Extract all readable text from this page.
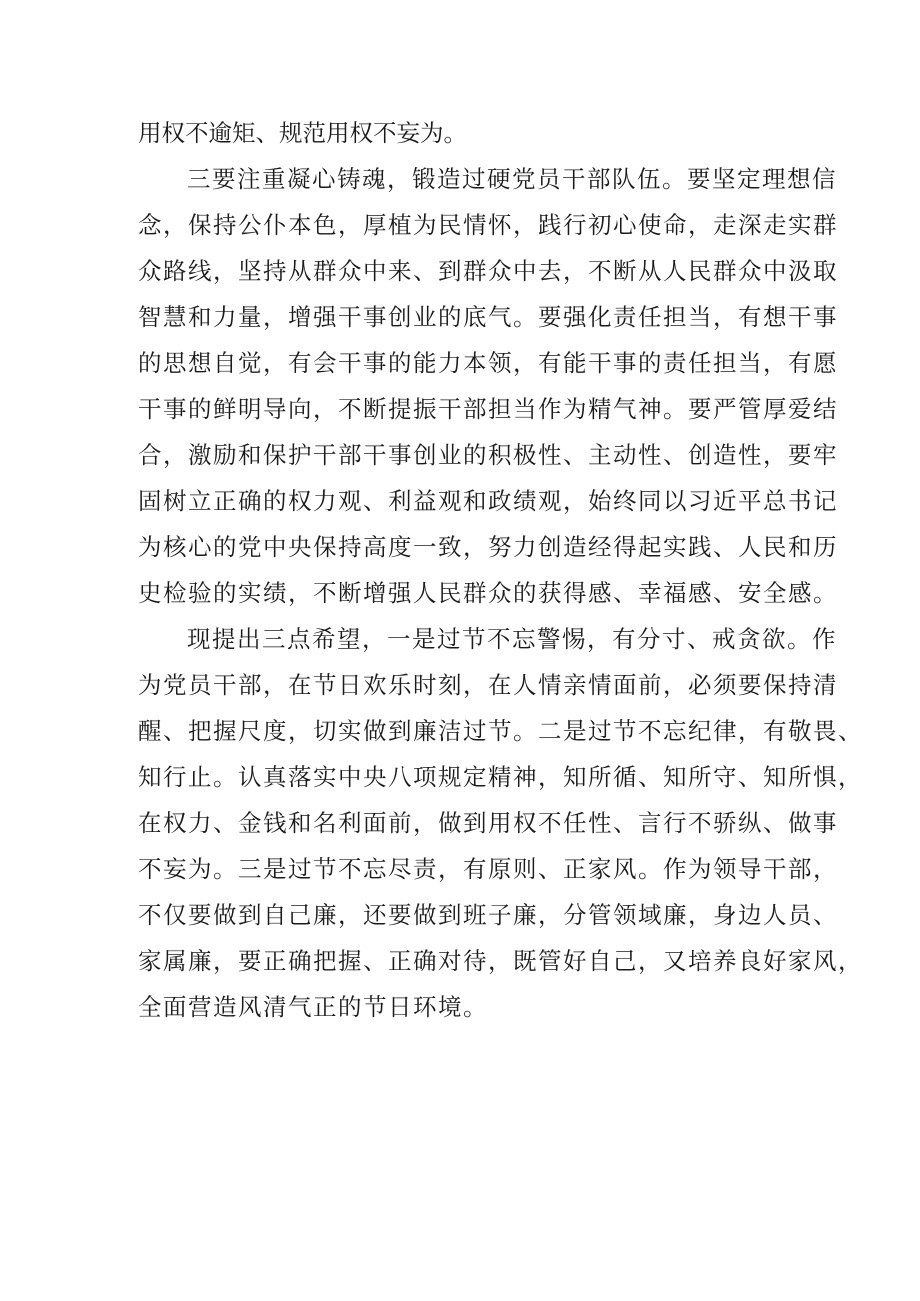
用权不逾矩、规范用权不妄为。
三要注重凝心铸魂，锻造过硬党员干部队伍。要坚定理想信
念，保持公仆本色，厚植为民情怀，践行初心使命，走深走实群
众路线，坚持从群众中来、到群众中去，不断从人民群众中汲取
智慧和力量，增强干事创业的底气。要强化责任担当，有想干事
的思想自觉，有会干事的能力本领，有能干事的责任担当，有愿
干事的鲜明导向，不断提振干部担当作为精气神。要严管厚爱结
合，激励和保护干部干事创业的积极性、主动性、创造性，要牢
固树立正确的权力观、利益观和政绩观，始终同以习近平总书记
为核心的党中央保持高度一致，努力创造经得起实践、人民和历
史检验的实绩，不断增强人民群众的获得感、幸福感、安全感。
现提出三点希望，一是过节不忘警惕，有分寸、戒贪欲。作
为党员干部，在节日欢乐时刻，在人情亲情面前，必须要保持清
醒、把握尺度，切实做到廉洁过节。二是过节不忘纪律，有敬畏、
知行止。认真落实中央八项规定精神，知所循、知所守、知所惧，
在权力、金钱和名利面前，做到用权不任性、言行不骄纵、做事
不妄为。三是过节不忘尽责，有原则、正家风。作为领导干部，
不仅要做到自己廉，还要做到班子廉，分管领域廉，身边人员、
家属廉，要正确把握、正确对待，既管好自己，又培养良好家风，
全面营造风清气正的节日环境。
